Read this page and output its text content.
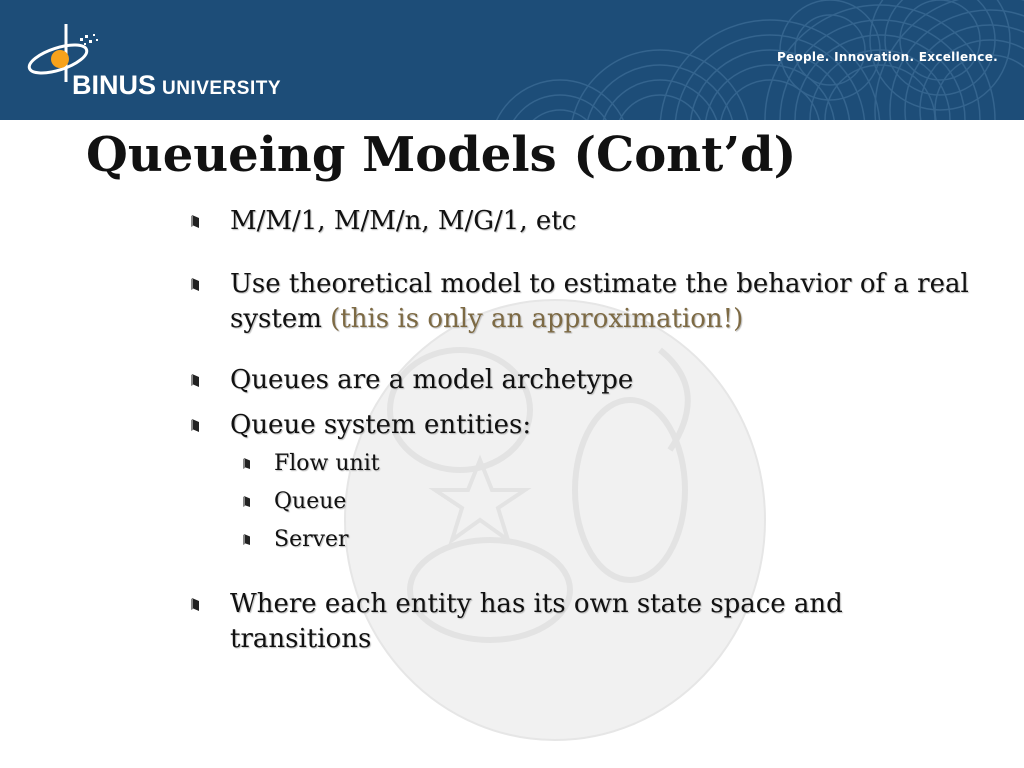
BINUS UNIVERSITY
People. Innovation. Excellence.
Queueing Models (Cont’d)
M/M/1, M/M/n, M/G/1, etc
Use theoretical model to estimate the behavior of a real system (this is only an approximation!)
Queues are a model archetype
Queue system entities:
Flow unit
Queue
Server
Where each entity has its own state space and transitions
